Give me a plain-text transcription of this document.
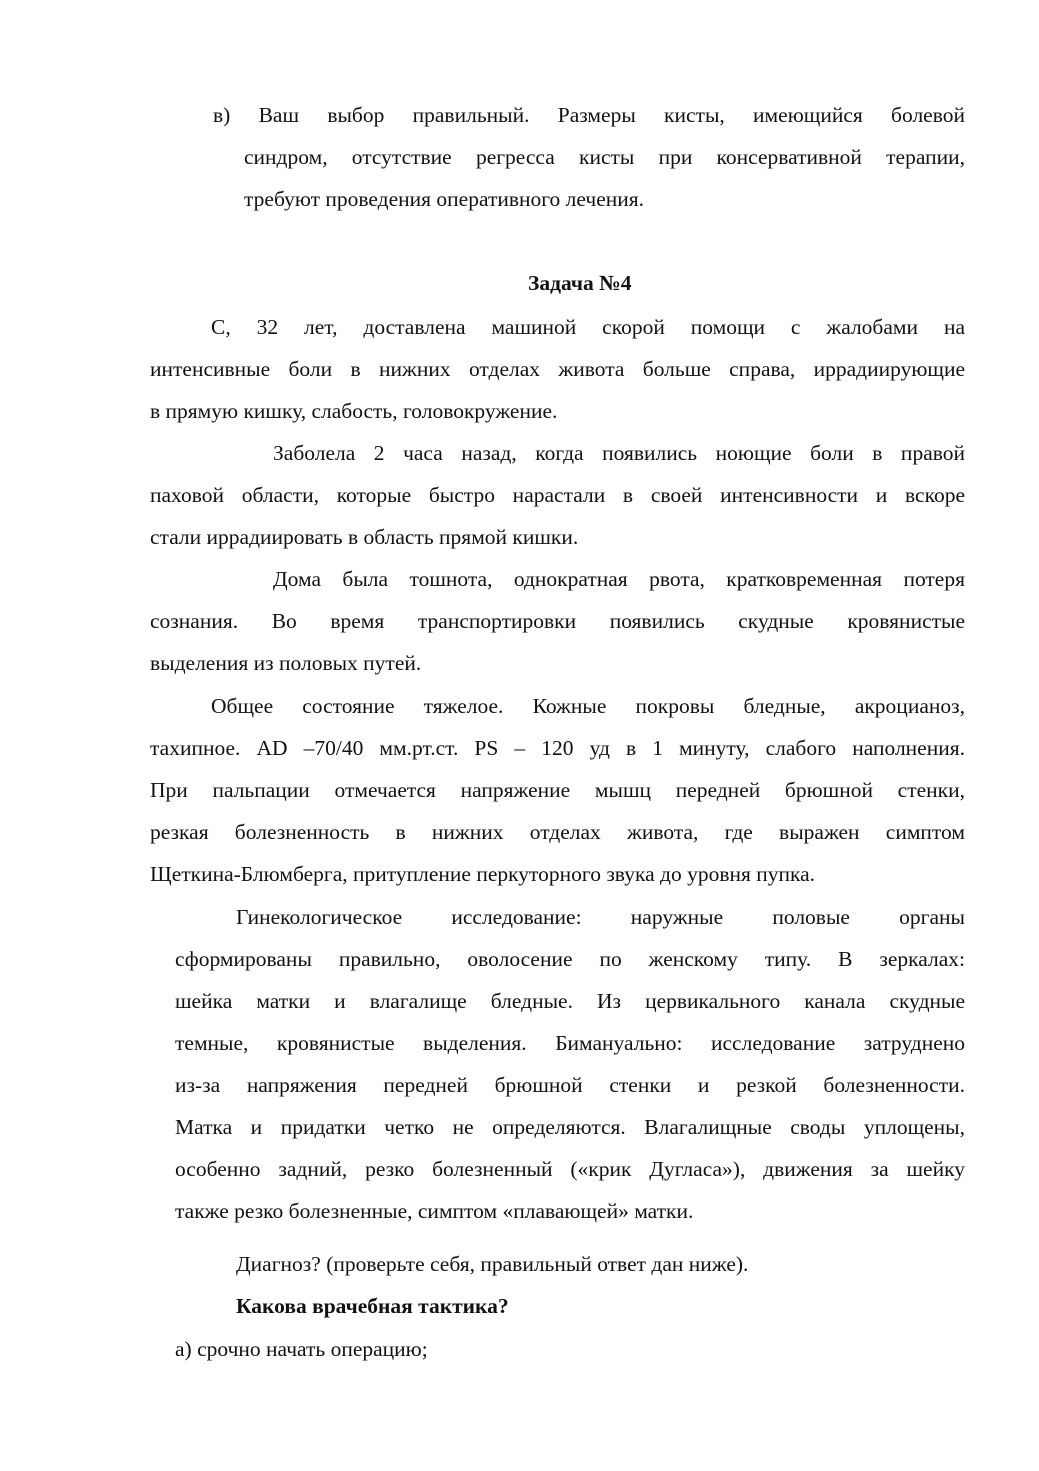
в) Ваш выбор правильный. Размеры кисты, имеющийся болевой
синдром, отсутствие регресса кисты при консервативной терапии,
требуют проведения оперативного лечения.
Задача №4
С, 32 лет, доставлена машиной скорой помощи с жалобами на
интенсивные боли в нижних отделах живота больше справа, иррадиирующие
в прямую кишку, слабость, головокружение.
Заболела 2 часа назад, когда появились ноющие боли в правой
паховой области, которые быстро нарастали в своей интенсивности и вскоре
стали иррадиировать в область прямой кишки.
Дома была тошнота, однократная рвота, кратковременная потеря
сознания. Во время транспортировки появились скудные кровянистые
выделения из половых путей.
Общее состояние тяжелое. Кожные покровы бледные, акроцианоз,
тахипное. АD –70/40 мм.рт.ст. PS – 120 уд в 1 минуту, слабого наполнения.
При пальпации отмечается напряжение мышц передней брюшной стенки,
резкая болезненность в нижних отделах живота, где выражен симптом
Щеткина-Блюмберга, притупление перкуторного звука до уровня пупка.
Гинекологическое исследование: наружные половые органы
сформированы правильно, оволосение по женскому типу. В зеркалах:
шейка матки и влагалище бледные. Из цервикального канала скудные
темные, кровянистые выделения. Бимануально: исследование затруднено
из-за напряжения передней брюшной стенки и резкой болезненности.
Матка и придатки четко не определяются. Влагалищные своды уплощены,
особенно задний, резко болезненный («крик Дугласа»), движения за шейку
также резко болезненные, симптом «плавающей» матки.
Диагноз? (проверьте себя, правильный ответ дан ниже).
Какова врачебная тактика?
а) срочно начать операцию;
